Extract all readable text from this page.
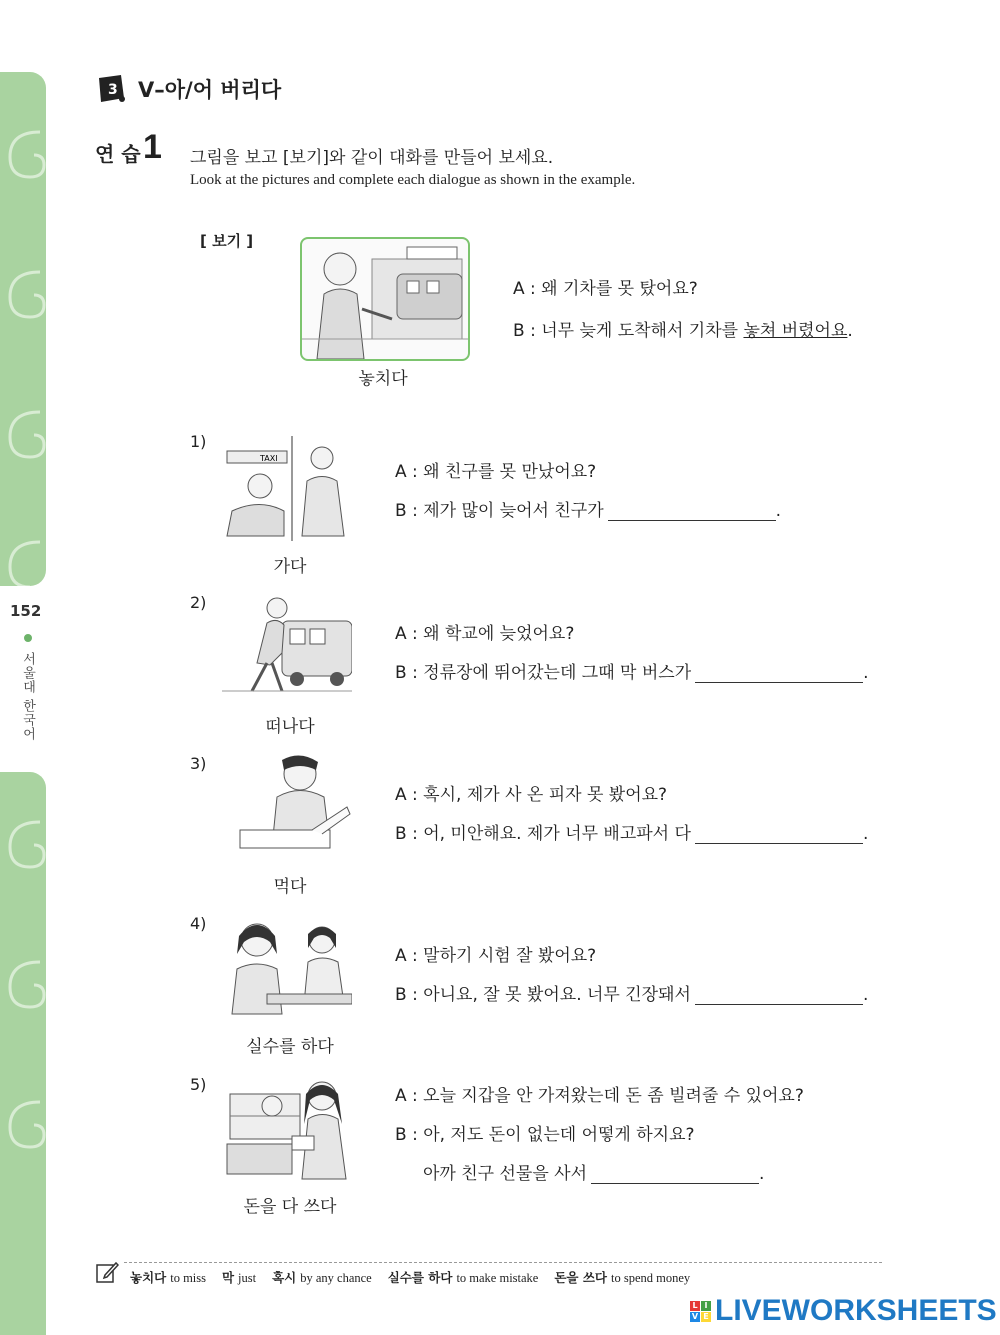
152
서울대 한국어
3 V–아/어 버리다
연 습 1 그림을 보고 [보기]와 같이 대화를 만들어 보세요.
Look at the pictures and complete each dialogue as shown in the example.
[ 보기 ]
놓치다
A : 왜 기차를 못 탔어요?
B : 너무 늦게 도착해서 기차를 놓쳐 버렸어요.
1)
TAXI
가다
A : 왜 친구를 못 만났어요?
B : 제가 많이 늦어서 친구가	.
2)
떠나다
A : 왜 학교에 늦었어요?
B : 정류장에 뛰어갔는데 그때 막 버스가	.
3)
먹다
A : 혹시, 제가 사 온 피자 못 봤어요?
B : 어, 미안해요. 제가 너무 배고파서 다	.
4)
실수를 하다
A : 말하기 시험 잘 봤어요?
B : 아니요, 잘 못 봤어요. 너무 긴장돼서	.
5)
돈을 다 쓰다
A : 오늘 지갑을 안 가져왔는데 돈 좀 빌려줄 수 있어요?
B : 아, 저도 돈이 없는데 어떻게 하지요?
아까 친구 선물을 사서	.
놓치다 to miss 막 just 혹시 by any chance 실수를 하다 to make mistake 돈을 쓰다 to spend money
L I
V E LIVEWORKSHEETS
